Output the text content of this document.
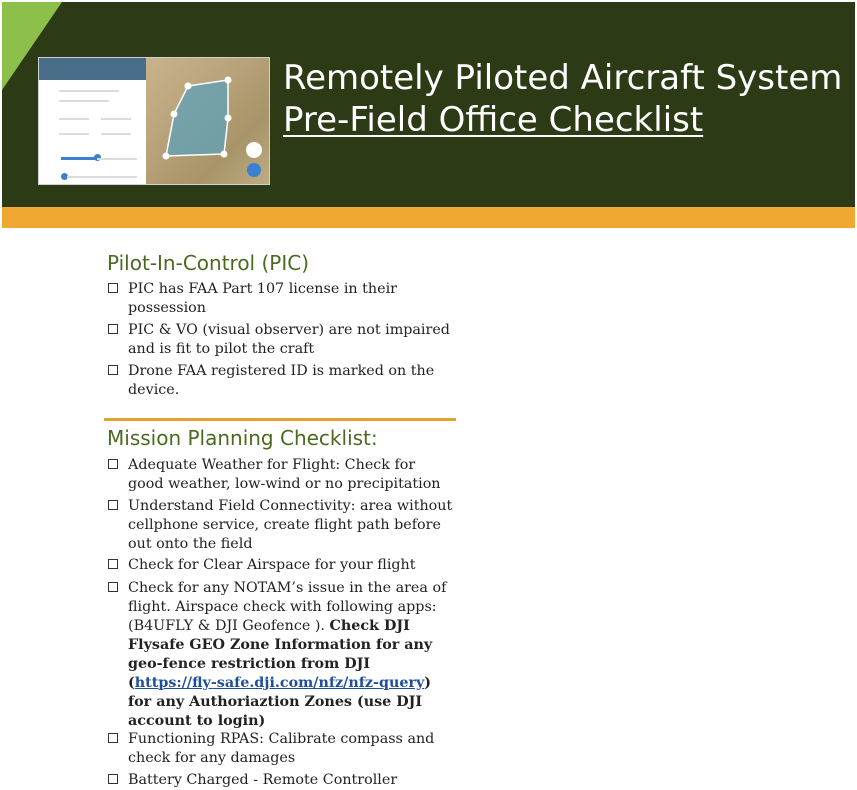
Remotely Piloted Aircraft System
Pre-Field Office Checklist
Pilot-In-Control (PIC)
PIC has FAA Part 107 license in their possession
PIC & VO (visual observer) are not impaired and is fit to pilot the craft
Drone FAA registered ID is marked on the device.
Mission Planning Checklist:
Adequate Weather for Flight: Check for good weather, low-wind or no precipitation
Understand Field Connectivity: area without cellphone service, create flight path before out onto the field
Check for Clear Airspace for your flight
Check for any NOTAM’s issue in the area of flight. Airspace check with following apps: (B4UFLY & DJI Geofence ). Check DJI Flysafe GEO Zone Information for any geo-fence restriction from DJI (https://fly-safe.dji.com/nfz/nfz-query) for any Authoriaztion Zones (use DJI account to login)
Functioning RPAS: Calibrate compass and check for any damages
Battery Charged - Remote Controller
